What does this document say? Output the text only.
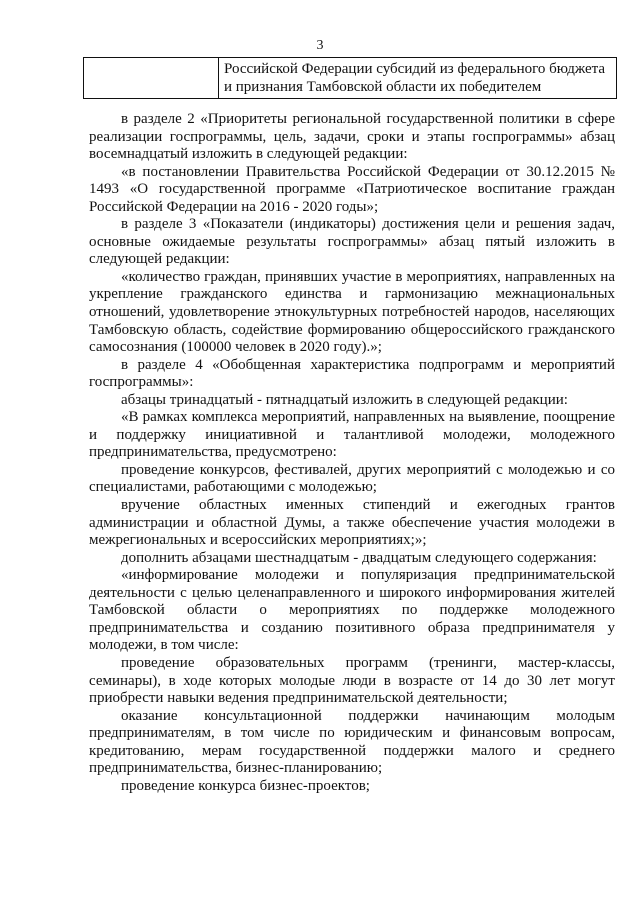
3
Российской Федерации субсидий из федерального бюджета
и признания Тамбовской области их победителем

в разделе 2 «Приоритеты региональной государственной политики в сфере реализации госпрограммы, цель, задачи, сроки и этапы госпрограммы» абзац восемнадцатый изложить в следующей редакции:

«в постановлении Правительства Российской Федерации от 30.12.2015 № 1493 «О государственной программе «Патриотическое воспитание граждан Российской Федерации на 2016 - 2020 годы»;

в разделе 3 «Показатели (индикаторы) достижения цели и решения задач, основные ожидаемые результаты госпрограммы» абзац пятый изложить в следующей редакции:

«количество граждан, принявших участие в мероприятиях, направленных на укрепление гражданского единства и гармонизацию межнациональных отношений, удовлетворение этнокультурных потребностей народов, населяющих Тамбовскую область, содействие формированию общероссийского гражданского самосознания (100000 человек в 2020 году).»;

в разделе 4 «Обобщенная характеристика подпрограмм и мероприятий госпрограммы»:

абзацы тринадцатый - пятнадцатый изложить в следующей редакции:

«В рамках комплекса мероприятий, направленных на выявление, поощрение и поддержку инициативной и талантливой молодежи, молодежного предпринимательства, предусмотрено:

проведение конкурсов, фестивалей, других мероприятий с молодежью и со специалистами, работающими с молодежью;

вручение областных именных стипендий и ежегодных грантов администрации и областной Думы, а также обеспечение участия молодежи в межрегиональных и всероссийских мероприятиях;»;

дополнить абзацами шестнадцатым - двадцатым следующего содержания:

«информирование молодежи и популяризация предпринимательской деятельности с целью целенаправленного и широкого информирования жителей Тамбовской области о мероприятиях по поддержке молодежного предпринимательства и созданию позитивного образа предпринимателя у молодежи, в том числе:

проведение образовательных программ (тренинги, мастер-классы, семинары), в ходе которых молодые люди в возрасте от 14 до 30 лет могут приобрести навыки ведения предпринимательской деятельности;

оказание консультационной поддержки начинающим молодым предпринимателям, в том числе по юридическим и финансовым вопросам, кредитованию, мерам государственной поддержки малого и среднего предпринимательства, бизнес-планированию;

проведение конкурса бизнес-проектов;
